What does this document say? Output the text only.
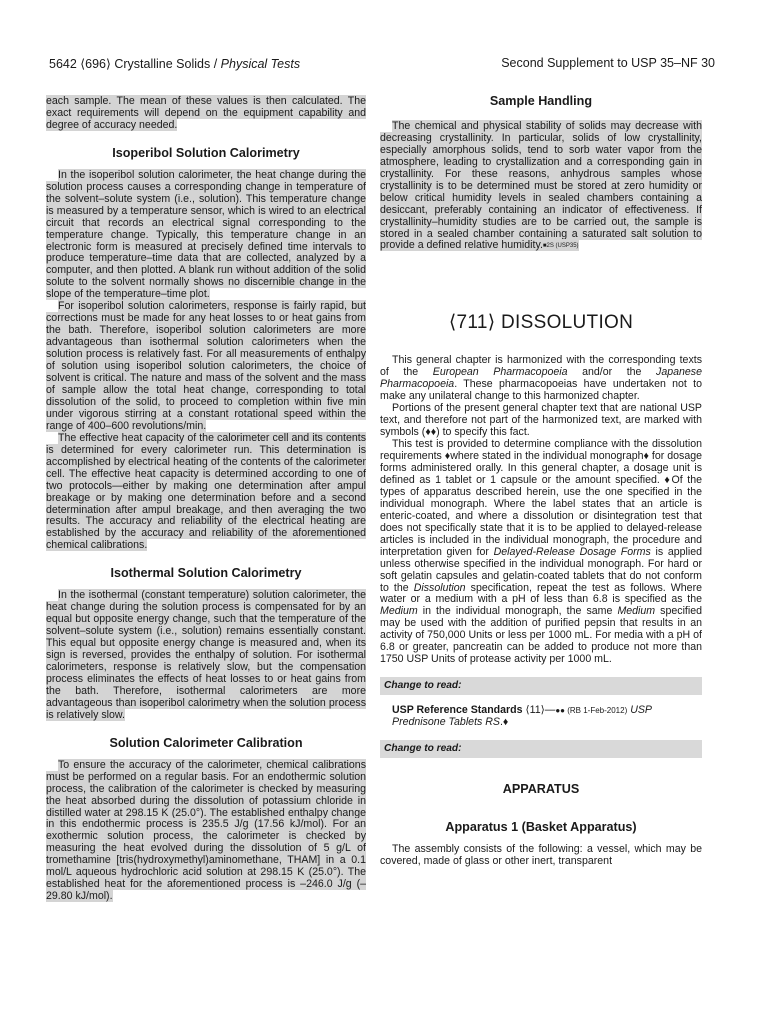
5642 ⟨696⟩ Crystalline Solids / Physical Tests	Second Supplement to USP 35–NF 30

each sample. The mean of these values is then calculated. The exact requirements will depend on the equipment capability and degree of accuracy needed.

Isoperibol Solution Calorimetry

In the isoperibol solution calorimeter, the heat change during the solution process causes a corresponding change in temperature of the solvent–solute system (i.e., solution). This temperature change is measured by a temperature sensor, which is wired to an electrical circuit that records an electrical signal corresponding to the temperature change. Typically, this temperature change in an electronic form is measured at precisely defined time intervals to produce temperature–time data that are collected, analyzed by a computer, and then plotted. A blank run without addition of the solid solute to the solvent normally shows no discernible change in the slope of the temperature–time plot.

For isoperibol solution calorimeters, response is fairly rapid, but corrections must be made for any heat losses to or heat gains from the bath. Therefore, isoperibol solution calorimeters are more advantageous than isothermal solution calorimeters when the solution process is relatively fast. For all measurements of enthalpy of solution using isoperibol solution calorimeters, the choice of solvent is critical. The nature and mass of the solvent and the mass of sample allow the total heat change, corresponding to total dissolution of the solid, to proceed to completion within five min under vigorous stirring at a constant rotational speed within the range of 400–600 revolutions/min.

The effective heat capacity of the calorimeter cell and its contents is determined for every calorimeter run. This determination is accomplished by electrical heating of the contents of the calorimeter cell. The effective heat capacity is determined according to one of two protocols—either by making one determination after ampul breakage or by making one determination before and a second determination after ampul breakage, and then averaging the two results. The accuracy and reliability of the electrical heating are established by the accuracy and reliability of the aforementioned chemical calibrations.

Isothermal Solution Calorimetry

In the isothermal (constant temperature) solution calorimeter, the heat change during the solution process is compensated for by an equal but opposite energy change, such that the temperature of the solvent–solute system (i.e., solution) remains essentially constant. This equal but opposite energy change is measured and, when its sign is reversed, provides the enthalpy of solution. For isothermal calorimeters, response is relatively slow, but the compensation process eliminates the effects of heat losses to or heat gains from the bath. Therefore, isothermal calorimeters are more advantageous than isoperibol calorimetry when the solution process is relatively slow.

Solution Calorimeter Calibration

To ensure the accuracy of the calorimeter, chemical calibrations must be performed on a regular basis. For an endothermic solution process, the calibration of the calorimeter is checked by measuring the heat absorbed during the dissolution of potassium chloride in distilled water at 298.15 K (25.0°). The established enthalpy change in this endothermic process is 235.5 J/g (17.56 kJ/mol). For an exothermic solution process, the calorimeter is checked by measuring the heat evolved during the dissolution of 5 g/L of tromethamine [tris(hydroxymethyl)aminomethane, THAM] in a 0.1 mol/L aqueous hydrochloric acid solution at 298.15 K (25.0°). The established heat for the aforementioned process is –246.0 J/g (–29.80 kJ/mol).

Sample Handling

The chemical and physical stability of solids may decrease with decreasing crystallinity. In particular, solids of low crystallinity, especially amorphous solids, tend to sorb water vapor from the atmosphere, leading to crystallization and a corresponding gain in crystallinity. For these reasons, anhydrous samples whose crystallinity is to be determined must be stored at zero humidity or below critical humidity levels in sealed chambers containing a desiccant, preferably containing an indicator of effectiveness. If crystallinity–humidity studies are to be carried out, the sample is stored in a sealed chamber containing a saturated salt solution to provide a defined relative humidity.■2S (USP35)

⟨711⟩ DISSOLUTION

This general chapter is harmonized with the corresponding texts of the European Pharmacopoeia and/or the Japanese Pharmacopoeia. These pharmacopoeias have undertaken not to make any unilateral change to this harmonized chapter.

Portions of the present general chapter text that are national USP text, and therefore not part of the harmonized text, are marked with symbols (♦♦) to specify this fact.

This test is provided to determine compliance with the dissolution requirements ♦where stated in the individual monograph♦ for dosage forms administered orally. In this general chapter, a dosage unit is defined as 1 tablet or 1 capsule or the amount specified. ♦Of the types of apparatus described herein, use the one specified in the individual monograph. Where the label states that an article is enteric-coated, and where a dissolution or disintegration test that does not specifically state that it is to be applied to delayed-release articles is included in the individual monograph, the procedure and interpretation given for Delayed-Release Dosage Forms is applied unless otherwise specified in the individual monograph. For hard or soft gelatin capsules and gelatin-coated tablets that do not conform to the Dissolution specification, repeat the test as follows. Where water or a medium with a pH of less than 6.8 is specified as the Medium in the individual monograph, the same Medium specified may be used with the addition of purified pepsin that results in an activity of 750,000 Units or less per 1000 mL. For media with a pH of 6.8 or greater, pancreatin can be added to produce not more than 1750 USP Units of protease activity per 1000 mL.

Change to read:
USP Reference Standards ⟨11⟩—●● (RB 1-Feb-2012) USP Prednisone Tablets RS.♦
Change to read:
APPARATUS
Apparatus 1 (Basket Apparatus)

The assembly consists of the following: a vessel, which may be covered, made of glass or other inert, transparent
